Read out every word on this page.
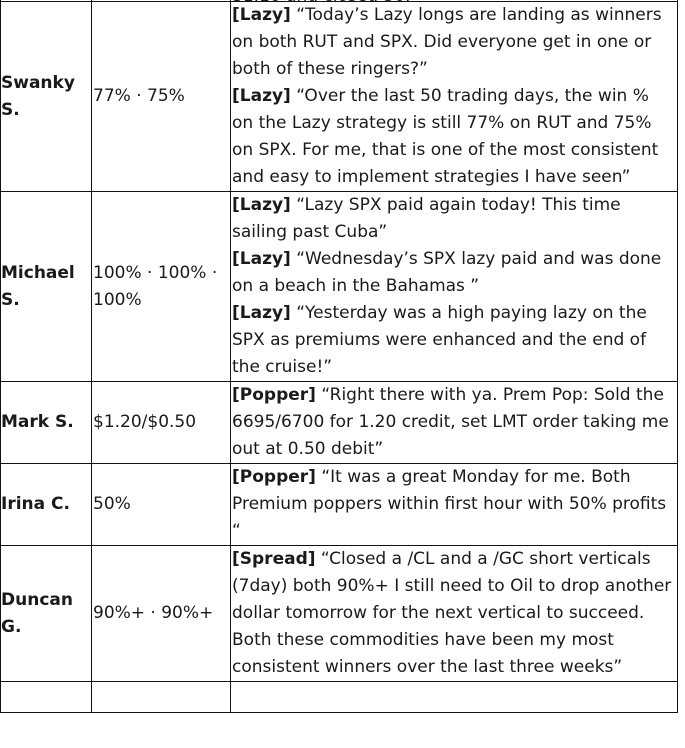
Swanky S.	77% · 75%	[Lazy] “Today’s Lazy longs are landing as winners on both RUT and SPX. Did everyone get in one or both of these ringers?”
[Lazy] “Over the last 50 trading days, the win % on the Lazy strategy is still 77% on RUT and 75% on SPX. For me, that is one of the most consistent and easy to implement strategies I have seen”

Michael S.	100% · 100% · 100%	[Lazy] “Lazy SPX paid again today! This time sailing past Cuba”
[Lazy] “Wednesday’s SPX lazy paid and was done on a beach in the Bahamas ”
[Lazy] “Yesterday was a high paying lazy on the SPX as premiums were enhanced and the end of the cruise!”

Mark S.	$1.20/$0.50	[Popper] “Right there with ya. Prem Pop: Sold the 6695/6700 for 1.20 credit, set LMT order taking me out at 0.50 debit”

Irina C.	50%	[Popper] “It was a great Monday for me. Both Premium poppers within first hour with 50% profits “

Duncan G.	90%+ · 90%+	[Spread] “Closed a /CL and a /GC short verticals (7day) both 90%+ I still need to Oil to drop another dollar tomorrow for the next vertical to succeed. Both these commodities have been my most consistent winners over the last three weeks”
